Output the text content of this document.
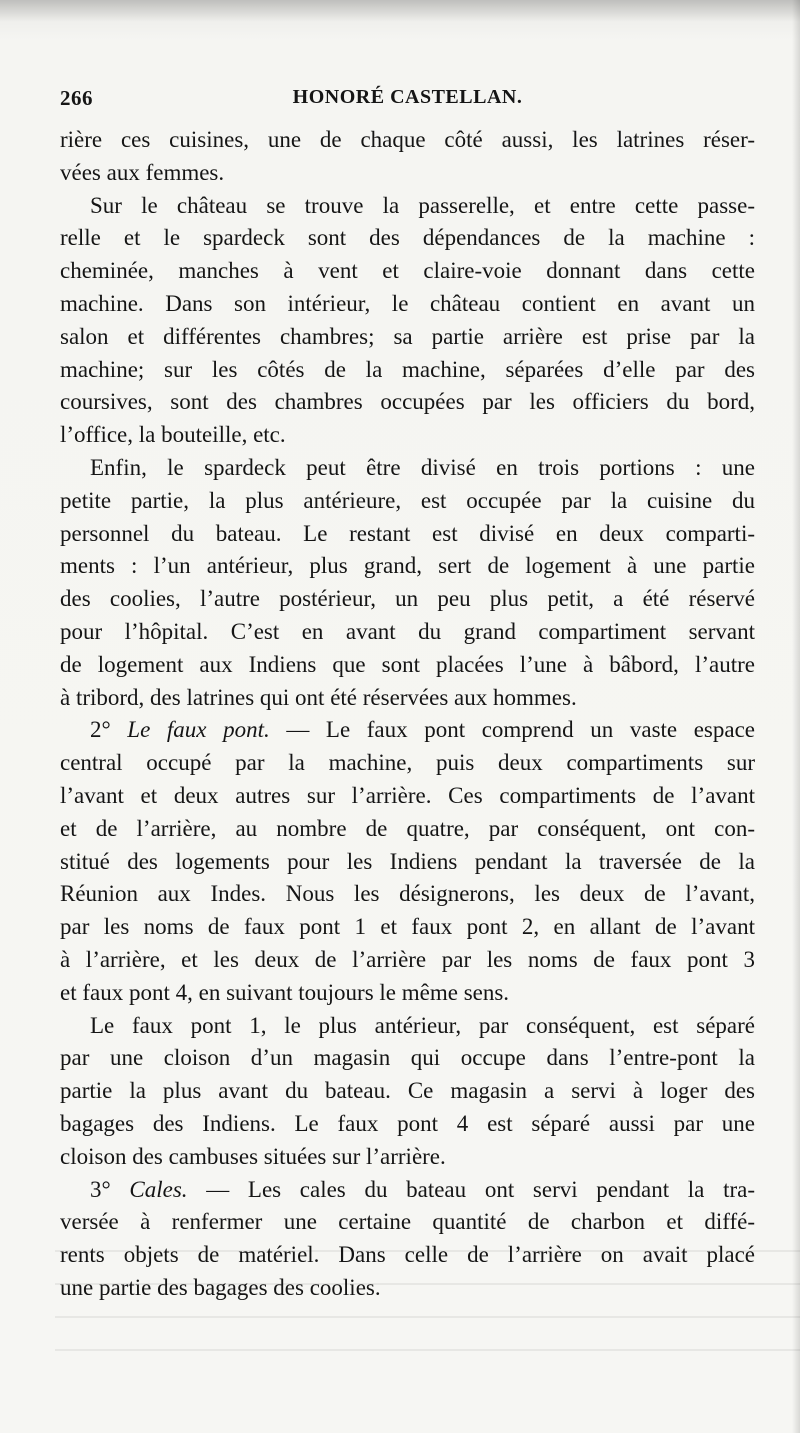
266	HONORÉ CASTELLAN.
rière ces cuisines, une de chaque côté aussi, les latrines réser-
vées aux femmes.
Sur le château se trouve la passerelle, et entre cette passe-
relle et le spardeck sont des dépendances de la machine :
cheminée, manches à vent et claire-voie donnant dans cette
machine. Dans son intérieur, le château contient en avant un
salon et différentes chambres; sa partie arrière est prise par la
machine; sur les côtés de la machine, séparées d’elle par des
coursives, sont des chambres occupées par les officiers du bord,
l’office, la bouteille, etc.
Enfin, le spardeck peut être divisé en trois portions : une
petite partie, la plus antérieure, est occupée par la cuisine du
personnel du bateau. Le restant est divisé en deux comparti-
ments : l’un antérieur, plus grand, sert de logement à une partie
des coolies, l’autre postérieur, un peu plus petit, a été réservé
pour l’hôpital. C’est en avant du grand compartiment servant
de logement aux Indiens que sont placées l’une à bâbord, l’autre
à tribord, des latrines qui ont été réservées aux hommes.
2° Le faux pont. — Le faux pont comprend un vaste espace
central occupé par la machine, puis deux compartiments sur
l’avant et deux autres sur l’arrière. Ces compartiments de l’avant
et de l’arrière, au nombre de quatre, par conséquent, ont con-
stitué des logements pour les Indiens pendant la traversée de la
Réunion aux Indes. Nous les désignerons, les deux de l’avant,
par les noms de faux pont 1 et faux pont 2, en allant de l’avant
à l’arrière, et les deux de l’arrière par les noms de faux pont 3
et faux pont 4, en suivant toujours le même sens.
Le faux pont 1, le plus antérieur, par conséquent, est séparé
par une cloison d’un magasin qui occupe dans l’entre-pont la
partie la plus avant du bateau. Ce magasin a servi à loger des
bagages des Indiens. Le faux pont 4 est séparé aussi par une
cloison des cambuses situées sur l’arrière.
3° Cales. — Les cales du bateau ont servi pendant la tra-
versée à renfermer une certaine quantité de charbon et diffé-
rents objets de matériel. Dans celle de l’arrière on avait placé
une partie des bagages des coolies.
